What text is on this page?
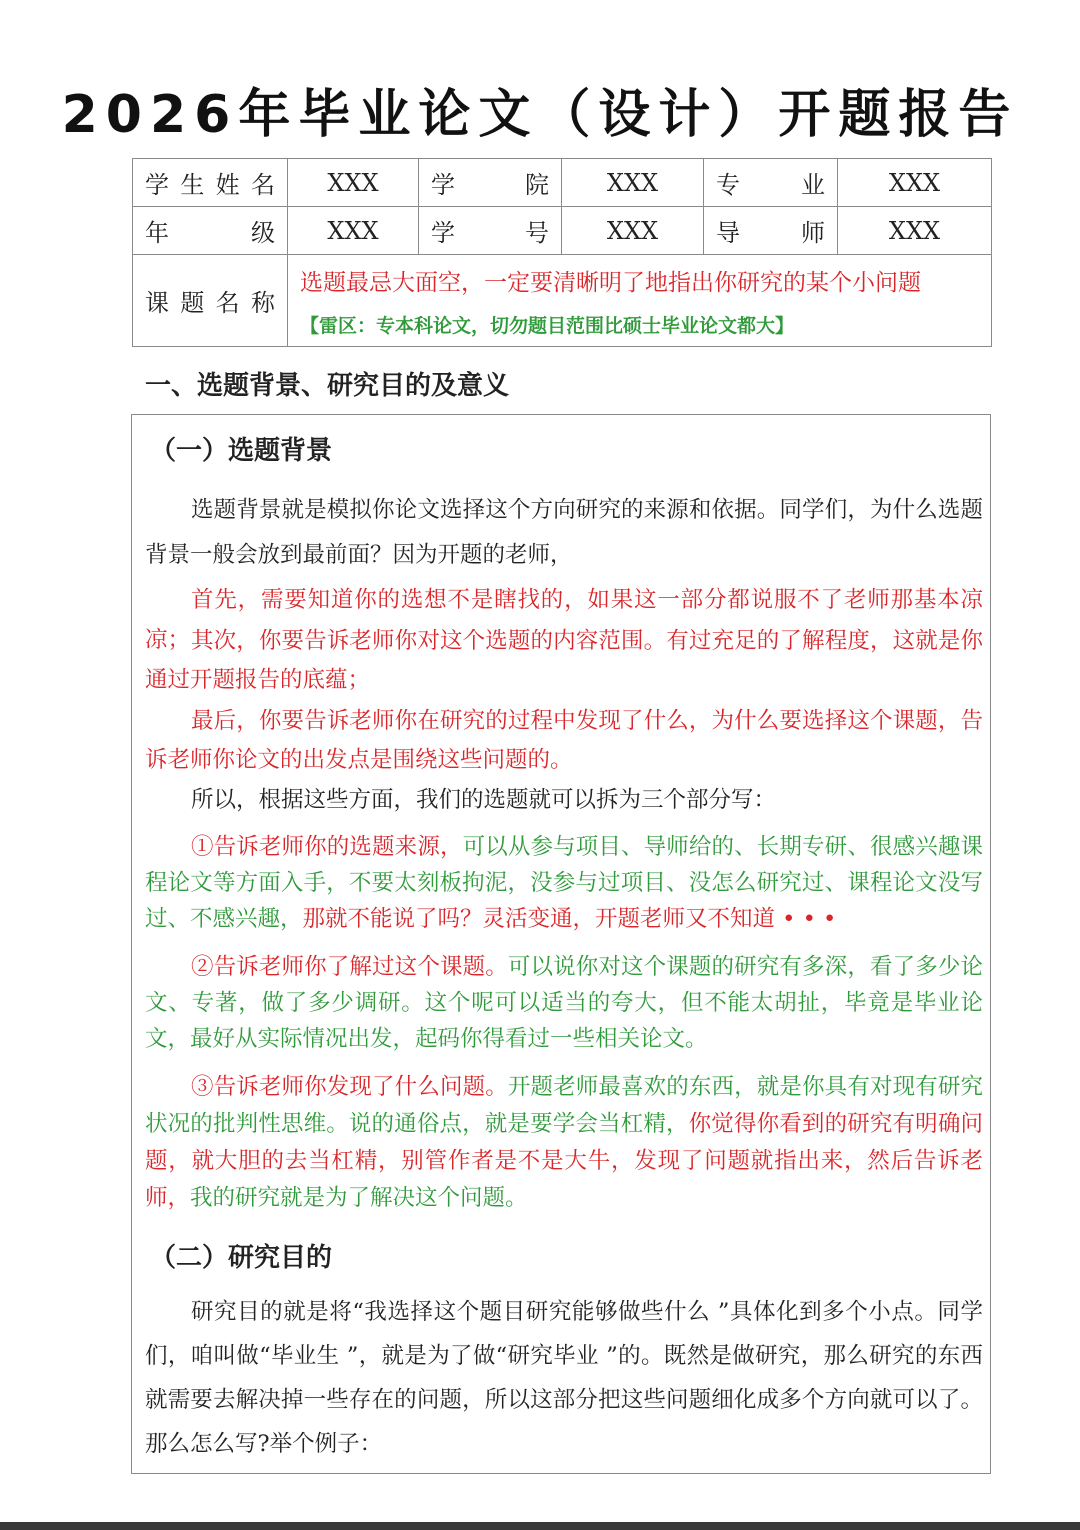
2026年毕业论文（设计）开题报告
学生姓名	XXX	学院	XXX	专业	XXX
年级	XXX	学号	XXX	导师	XXX
课题名称	选题最忌大面空，一定要清晰明了地指出你研究的某个小问题
【雷区：专本科论文，切勿题目范围比硕士毕业论文都大】				
一、选题背景、研究目的及意义
（一）选题背景
选题背景就是模拟你论文选择这个方向研究的来源和依据。同学们，为什么选题背景一般会放到最前面？因为开题的老师，
首先，需要知道你的选想不是瞎找的，如果这一部分都说服不了老师那基本凉凉； 其次，你要告诉老师你对这个选题的内容范围。有过充足的了解程度，这就是你通过开题报告的底蕴；
最后，你要告诉老师你在研究的过程中发现了什么，为什么要选择这个课题，告诉老师你论文的出发点是围绕这些问题的。
所以，根据这些方面，我们的选题就可以拆为三个部分写：
①告诉老师你的选题来源，可以从参与项目、导师给的、长期专研、很感兴趣课程论文等方面入手，不要太刻板拘泥，没参与过项目、没怎么研究过、课程论文没写过、不感兴趣，那就不能说了吗？灵活变通，开题老师又不知道 • • •
②告诉老师你了解过这个课题。可以说你对这个课题的研究有多深，看了多少论文、专著，做了多少调研。这个呢可以适当的夸大，但不能太胡扯，毕竟是毕业论文，最好从实际情况出发，起码你得看过一些相关论文。
③告诉老师你发现了什么问题。开题老师最喜欢的东西，就是你具有对现有研究状况的批判性思维。说的通俗点，就是要学会当杠精，你觉得你看到的研究有明确问题，就大胆的去当杠精，别管作者是不是大牛，发现了问题就指出来，然后告诉老师，我的研究就是为了解决这个问题。
（二）研究目的
研究目的就是将“我选择这个题目研究能够做些什么 ”具体化到多个小点。同学们，咱叫做“毕业生 ”，就是为了做“研究毕业 ”的。既然是做研究，那么研究的东西就需要去解决掉一些存在的问题，所以这部分把这些问题细化成多个方向就可以了。那么怎么写?举个例子：
